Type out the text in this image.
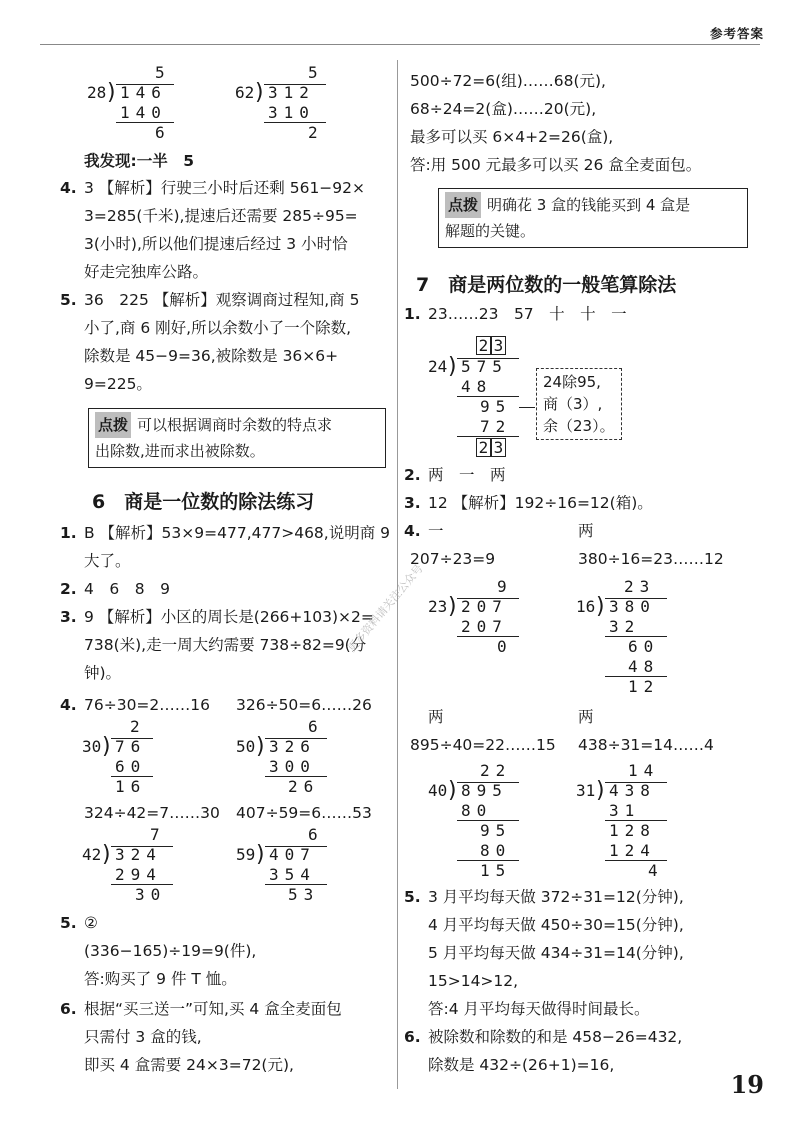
参考答案
5
28
) 146
140
6
5
62
) 312
310
2
我发现:一半　5
4. 3 【解析】行驶三小时后还剩 561−92×
3=285(千米),提速后还需要 285÷95=
3(小时),所以他们提速后经过 3 小时恰
好走完独库公路。
5. 36　225 【解析】观察调商过程知,商 5
小了,商 6 刚好,所以余数小了一个除数,
除数是 45−9=36,被除数是 36×6+
9=225。
点拨 可以根据调商时余数的特点求
出除数,进而求出被除数。
6　商是一位数的除法练习
1. B 【解析】53×9=477,477>468,说明商 9
大了。
2. 4　6　8　9
3. 9 【解析】小区的周长是(266+103)×2=
738(米),走一周大约需要 738÷82=9(分
钟)。
4. 76÷30=2……16 326÷50=6……26
2
30
) 76
60
16
6
50
) 326
300
26
324÷42=7……30 407÷59=6……53
7
42
) 324
294
30
6
59
) 407
354
53
5. ②
(336−165)÷19=9(件),
答:购买了 9 件 T 恤。
6. 根据“买三送一”可知,买 4 盒全麦面包
只需付 3 盒的钱,
即买 4 盒需要 24×3=72(元),
500÷72=6(组)……68(元),
68÷24=2(盒)……20(元),
最多可以买 6×4+2=26(盒),
答:用 500 元最多可以买 26 盒全麦面包。
点拨 明确花 3 盒的钱能买到 4 盒是
解题的关键。
7　商是两位数的一般笔算除法
1. 23……23　57　十　十　一
2 3
24
) 575
48
95
72
2 3
24除95,
商（3）,
余（23）。
2. 两　一　两
3. 12 【解析】192÷16=12(箱)。
4. 一	两
207÷23=9	380÷16=23……12
9
23
) 207
207
0
23
16
) 380
32
60
48
12
两	两
895÷40=22……15 438÷31=14……4
22
40
) 895
80
95
80
15
14
31
) 438
31
128
124
4
5. 3 月平均每天做 372÷31=12(分钟),
4 月平均每天做 450÷30=15(分钟),
5 月平均每天做 434÷31=14(分钟),
15>14>12,
答:4 月平均每天做得时间最长。
6. 被除数和除数的和是 458−26=432,
除数是 432÷(26+1)=16,
更多资料请关注公众号
19
